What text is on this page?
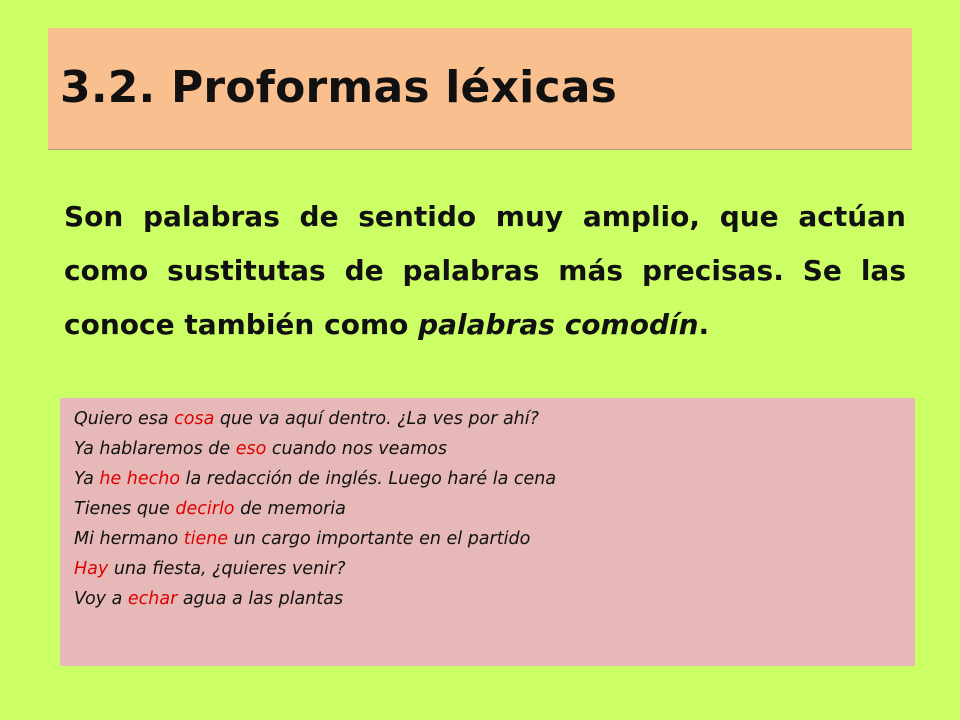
3.2. Proformas léxicas

Son palabras de sentido muy amplio, que actúan como sustitutas de palabras más precisas. Se las conoce también como palabras comodín.

Quiero esa cosa que va aquí dentro. ¿La ves por ahí?
Ya hablaremos de eso cuando nos veamos
Ya he hecho la redacción de inglés. Luego haré la cena
Tienes que decirlo de memoria
Mi hermano tiene un cargo importante en el partido
Hay una fiesta, ¿quieres venir?
Voy a echar agua a las plantas
